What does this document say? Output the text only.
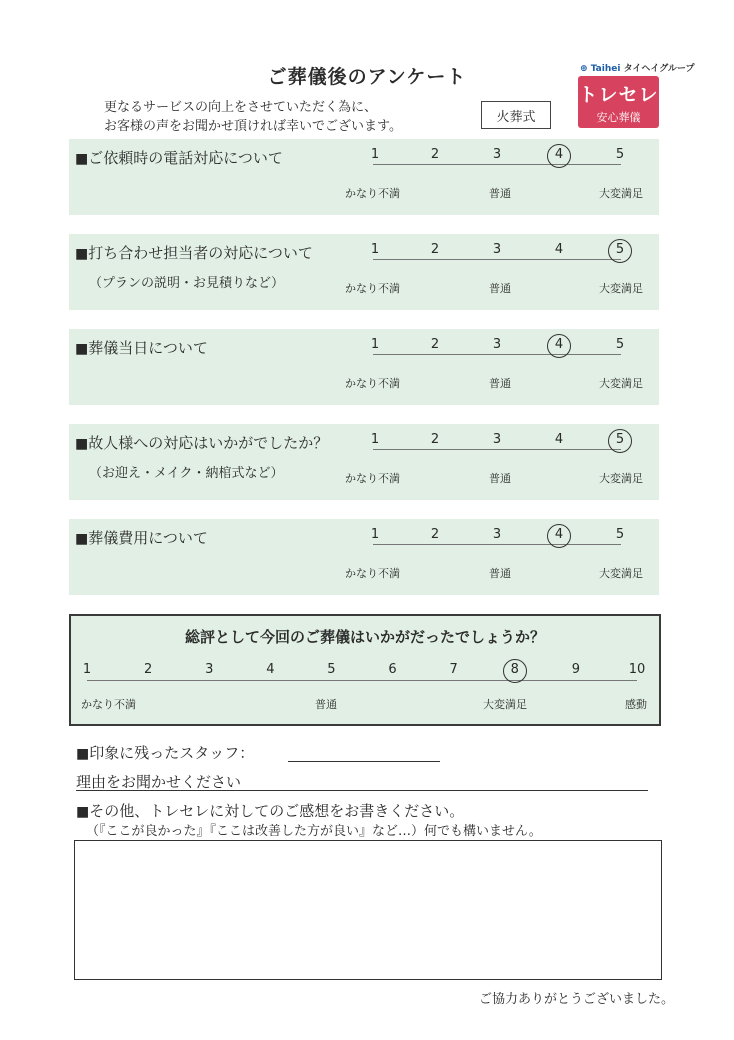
ご葬儀後のアンケート
更なるサービスの向上をさせていただく為に、
お客様の声をお聞かせ頂ければ幸いでございます。
火葬式
⊕ Taihei タイヘイグループ
トレセレ
安心葬儀
■ご依頼時の電話対応について	1	2	3	4	5
かなり不満	普通	大変満足
■打ち合わせ担当者の対応について
（プランの説明・お見積りなど）
1	2	3	4	5
かなり不満	普通	大変満足
■葬儀当日について	1	2	3	4	5
かなり不満	普通	大変満足
■故人様への対応はいかがでしたか？
（お迎え・メイク・納棺式など）
1	2	3	4	5
かなり不満	普通	大変満足
■葬儀費用について	1	2	3	4	5
かなり不満	普通	大変満足
総評として今回のご葬儀はいかがだったでしょうか？
1	2	3	4	5	6	7	8	9	10
かなり不満	普通	大変満足	感動
■印象に残ったスタッフ：
理由をお聞かせください
■その他、トレセレに対してのご感想をお書きください。
（『ここが良かった』『ここは改善した方が良い』など…）何でも構いません。
ご協力ありがとうございました。
